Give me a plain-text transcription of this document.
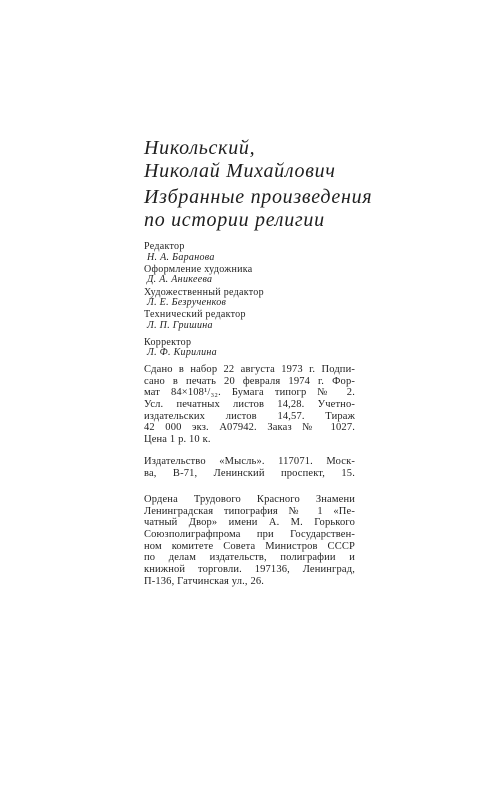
Никольский,
Николай Михайлович
Избранные произведения
по истории религии
Редактор
Н. А. Баранова
Оформление художника
Д. А. Аникеева
Художественный редактор
Л. Е. Безрученков
Технический редактор
Л. П. Гришина
Корректор
Л. Ф. Кирилина
Сдано в набор 22 августа 1973 г. Подпи-
сано в печать 20 февраля 1974 г. Фор-
мат 84×108¹/₃₂. Бумага типогр № 2.
Усл. печатных листов 14,28. Учетно-
издательских листов 14,57. Тираж
42 000 экз. А07942. Заказ № 1027.
Цена 1 р. 10 к.
Издательство «Мысль». 117071. Моск-
ва, В-71, Ленинский проспект, 15.
Ордена Трудового Красного Знамени
Ленинградская типография № 1 «Пе-
чатный Двор» имени А. М. Горького
Союзполиграфпрома при Государствен-
ном комитете Совета Министров СССР
по делам издательств, полиграфии и
книжной торговли. 197136, Ленинград,
П-136, Гатчинская ул., 26.
